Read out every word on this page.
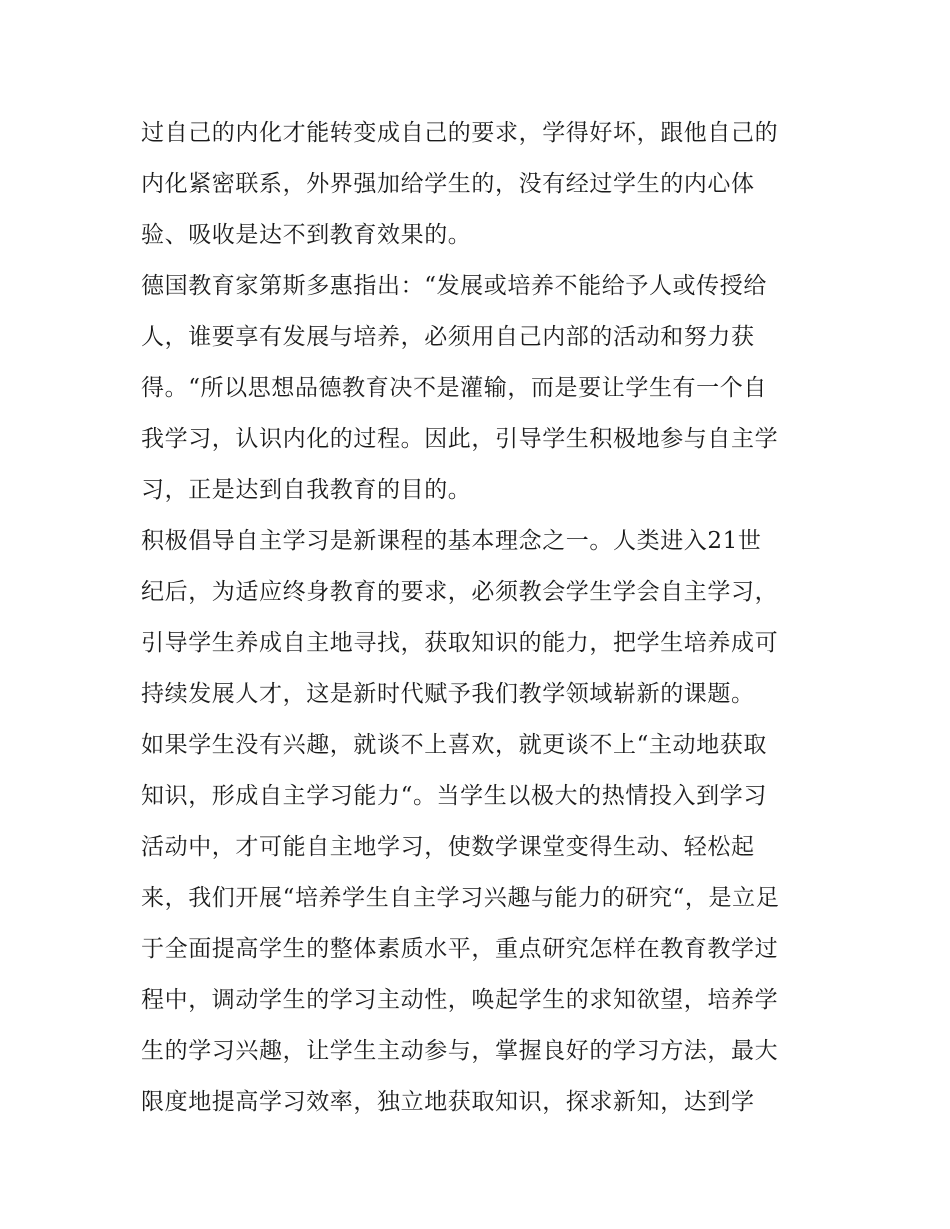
过自己的内化才能转变成自己的要求，学得好坏，跟他自己的
内化紧密联系，外界强加给学生的，没有经过学生的内心体
验、吸收是达不到教育效果的。
德国教育家第斯多惠指出：“发展或培养不能给予人或传授给
人，谁要享有发展与培养，必须用自己内部的活动和努力获
得。“所以思想品德教育决不是灌输，而是要让学生有一个自
我学习，认识内化的过程。因此，引导学生积极地参与自主学
习，正是达到自我教育的目的。
积极倡导自主学习是新课程的基本理念之一。人类进入21世
纪后，为适应终身教育的要求，必须教会学生学会自主学习，
引导学生养成自主地寻找，获取知识的能力，把学生培养成可
持续发展人才，这是新时代赋予我们教学领域崭新的课题。
如果学生没有兴趣，就谈不上喜欢，就更谈不上“主动地获取
知识，形成自主学习能力“。当学生以极大的热情投入到学习
活动中，才可能自主地学习，使数学课堂变得生动、轻松起
来，我们开展“培养学生自主学习兴趣与能力的研究“，是立足
于全面提高学生的整体素质水平，重点研究怎样在教育教学过
程中，调动学生的学习主动性，唤起学生的求知欲望，培养学
生的学习兴趣，让学生主动参与，掌握良好的学习方法，最大
限度地提高学习效率，独立地获取知识，探求新知，达到学
